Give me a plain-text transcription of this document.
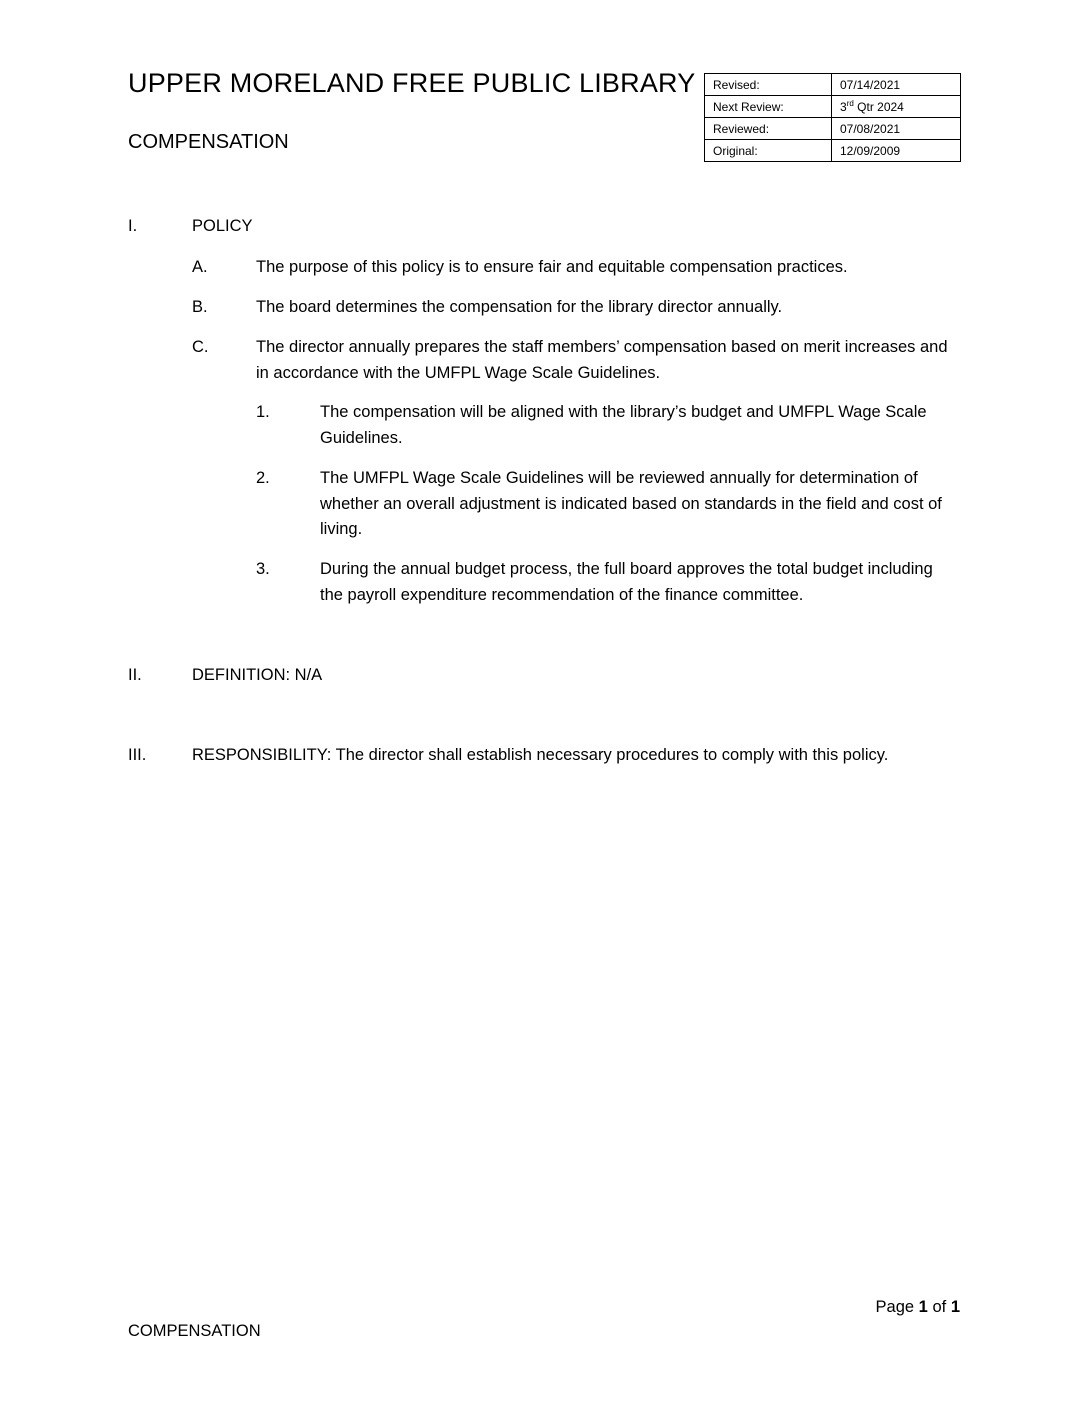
UPPER MORELAND FREE PUBLIC LIBRARY
COMPENSATION
Revised:	07/14/2021
Next Review:	3rd Qtr 2024
Reviewed:	07/08/2021
Original:	12/09/2009
I.	POLICY
A.	The purpose of this policy is to ensure fair and equitable compensation practices.
B.	The board determines the compensation for the library director annually.
C.	The director annually prepares the staff members’ compensation based on merit increases and in accordance with the UMFPL Wage Scale Guidelines.
1.	The compensation will be aligned with the library’s budget and UMFPL Wage Scale Guidelines.
2.	The UMFPL Wage Scale Guidelines will be reviewed annually for determination of whether an overall adjustment is indicated based on standards in the field and cost of living.
3.	During the annual budget process, the full board approves the total budget including the payroll expenditure recommendation of the finance committee.
II.	DEFINITION: N/A
III.	RESPONSIBILITY: The director shall establish necessary procedures to comply with this policy.
Page 1 of 1
COMPENSATION
